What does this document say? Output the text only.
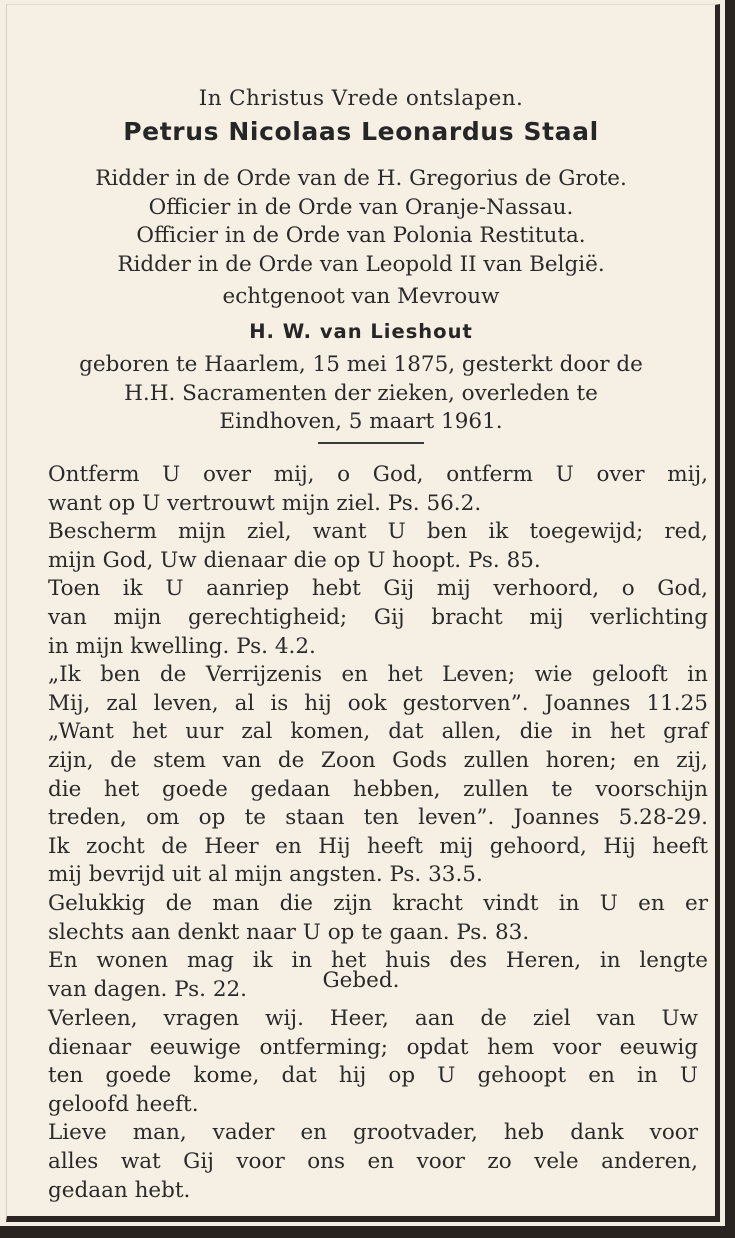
In Christus Vrede ontslapen.
Petrus Nicolaas Leonardus Staal
Ridder in de Orde van de H. Gregorius de Grote.
Officier in de Orde van Oranje-Nassau.
Officier in de Orde van Polonia Restituta.
Ridder in de Orde van Leopold II van België.
echtgenoot van Mevrouw
H. W. van Lieshout
geboren te Haarlem, 15 mei 1875, gesterkt door de
H.H. Sacramenten der zieken, overleden te
Eindhoven, 5 maart 1961.
Ontferm U over mij, o God, ontferm U over mij,
want op U vertrouwt mijn ziel. Ps. 56.2.
Bescherm mijn ziel, want U ben ik toegewijd; red,
mijn God, Uw dienaar die op U hoopt. Ps. 85.
Toen ik U aanriep hebt Gij mij verhoord, o God,
van mijn gerechtigheid; Gij bracht mij verlichting
in mijn kwelling. Ps. 4.2.
„Ik ben de Verrijzenis en het Leven; wie gelooft in
Mij, zal leven, al is hij ook gestorven”. Joannes 11.25
„Want het uur zal komen, dat allen, die in het graf
zijn, de stem van de Zoon Gods zullen horen; en zij,
die het goede gedaan hebben, zullen te voorschijn
treden, om op te staan ten leven”. Joannes 5.28-29.
Ik zocht de Heer en Hij heeft mij gehoord, Hij heeft
mij bevrijd uit al mijn angsten. Ps. 33.5.
Gelukkig de man die zijn kracht vindt in U en er
slechts aan denkt naar U op te gaan. Ps. 83.
En wonen mag ik in het huis des Heren, in lengte
van dagen. Ps. 22.	Gebed.
Verleen, vragen wij. Heer, aan de ziel van Uw
dienaar eeuwige ontferming; opdat hem voor eeuwig
ten goede kome, dat hij op U gehoopt en in U
geloofd heeft.
Lieve man, vader en grootvader, heb dank voor
alles wat Gij voor ons en voor zo vele anderen,
gedaan hebt.
